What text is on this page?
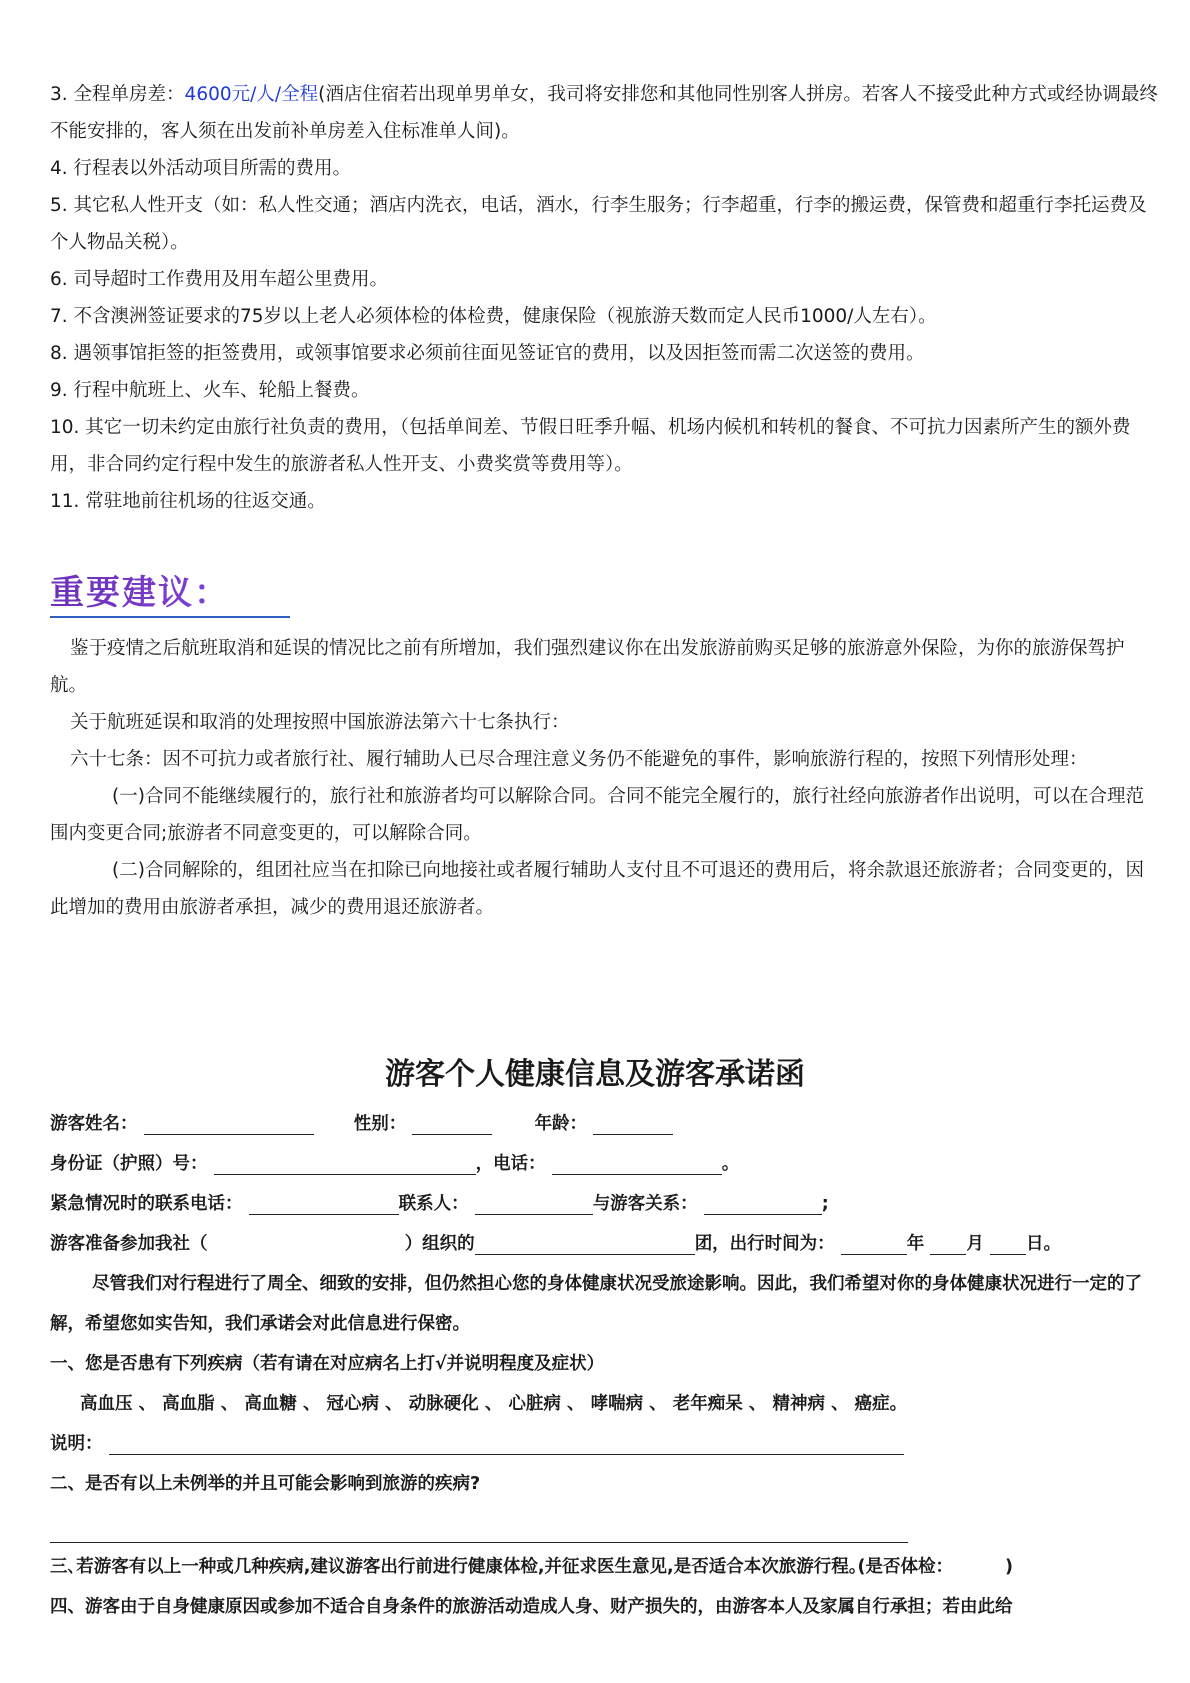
3. 全程单房差：4600元/人/全程(酒店住宿若出现单男单女，我司将安排您和其他同性别客人拼房。若客人不接受此种方式或经协调最终不能安排的，客人须在出发前补单房差入住标准单人间)。

4. 行程表以外活动项目所需的费用。

5. 其它私人性开支（如：私人性交通；酒店内洗衣，电话，酒水，行李生服务；行李超重，行李的搬运费，保管费和超重行李托运费及个人物品关税）。

6. 司导超时工作费用及用车超公里费用。

7. 不含澳洲签证要求的75岁以上老人必须体检的体检费，健康保险（视旅游天数而定人民币1000/人左右）。

8. 遇领事馆拒签的拒签费用，或领事馆要求必须前往面见签证官的费用，以及因拒签而需二次送签的费用。

9. 行程中航班上、火车、轮船上餐费。

10. 其它一切未约定由旅行社负责的费用，（包括单间差、节假日旺季升幅、机场内候机和转机的餐食、不可抗力因素所产生的额外费用，非合同约定行程中发生的旅游者私人性开支、小费奖赏等费用等）。

11. 常驻地前往机场的往返交通。

重要建议：

鉴于疫情之后航班取消和延误的情况比之前有所增加，我们强烈建议你在出发旅游前购买足够的旅游意外保险，为你的旅游保驾护航。

关于航班延误和取消的处理按照中国旅游法第六十七条执行：

六十七条：因不可抗力或者旅行社、履行辅助人已尽合理注意义务仍不能避免的事件，影响旅游行程的，按照下列情形处理：

(一)合同不能继续履行的，旅行社和旅游者均可以解除合同。合同不能完全履行的，旅行社经向旅游者作出说明，可以在合理范围内变更合同;旅游者不同意变更的，可以解除合同。

(二)合同解除的，组团社应当在扣除已向地接社或者履行辅助人支付且不可退还的费用后，将余款退还旅游者；合同变更的，因此增加的费用由旅游者承担，减少的费用退还旅游者。

游客个人健康信息及游客承诺函
游客姓名：	性别：	年龄：
身份证（护照）号：	，电话：	。
紧急情况时的联系电话：	联系人：	与游客关系：	;
游客准备参加我社（	）组织的	团，出行时间为：	年 月 日。
尽管我们对行程进行了周全、细致的安排，但仍然担心您的身体健康状况受旅途影响。因此，我们希望对你的身体健康状况进行一定的了解，希望您如实告知，我们承诺会对此信息进行保密。
一、您是否患有下列疾病（若有请在对应病名上打√并说明程度及症状）
高血压 、 高血脂 、 高血糖 、 冠心病 、 动脉硬化 、 心脏病 、 哮喘病 、 老年痴呆 、 精神病 、 癌症。
说明：
二、是否有以上未例举的并且可能会影响到旅游的疾病?
三､若游客有以上一种或几种疾病,建议游客出行前进行健康体检,并征求医生意见,是否适合本次旅游行程｡(是否体检：	)
四、游客由于自身健康原因或参加不适合自身条件的旅游活动造成人身、财产损失的，由游客本人及家属自行承担；若由此给
